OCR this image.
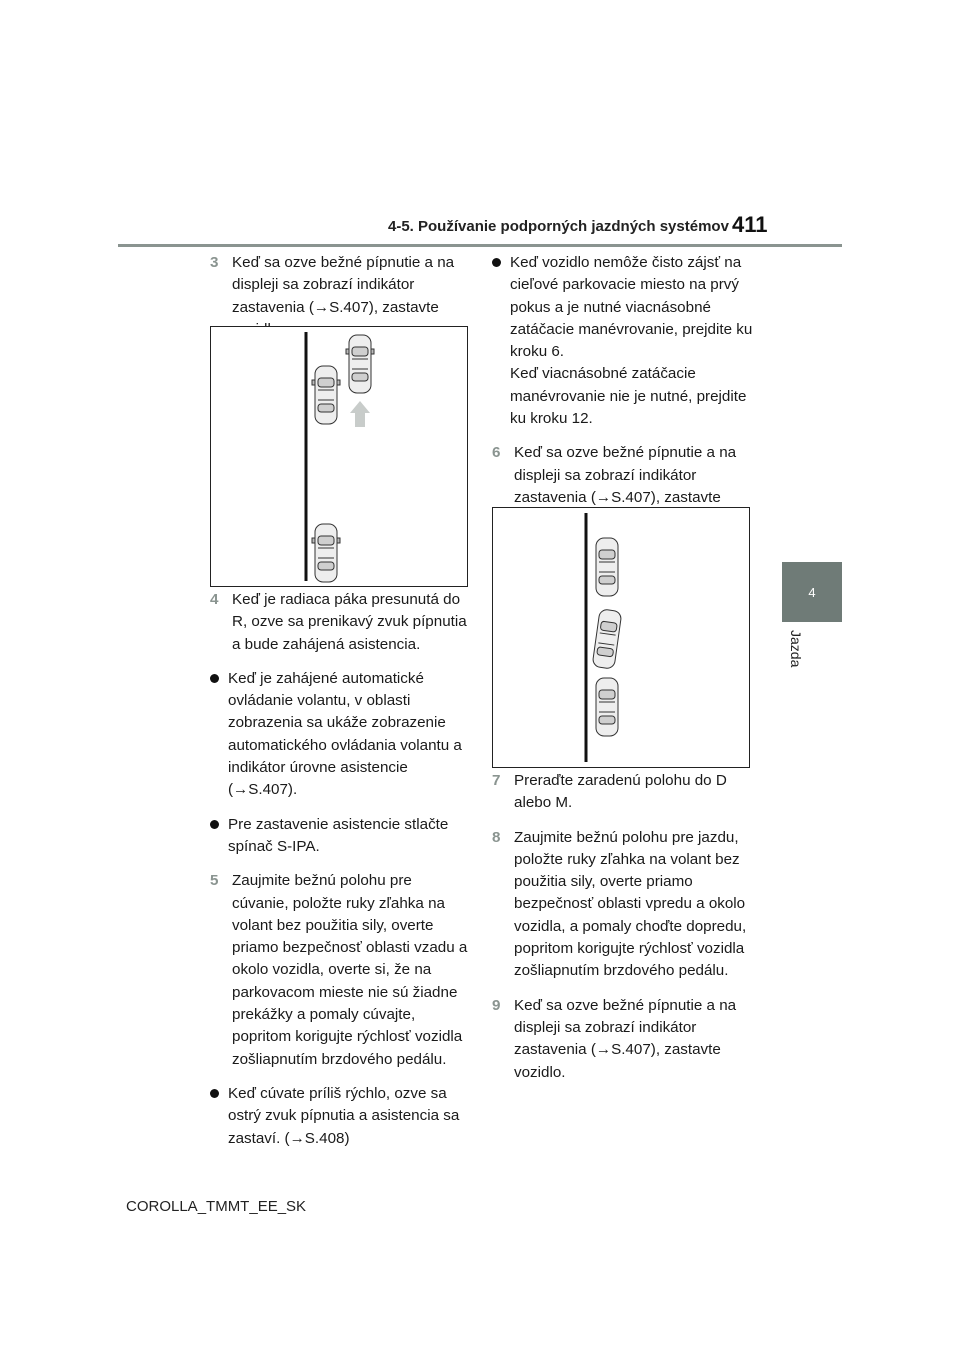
4-5. Používanie podporných jazdných systémov 411
4
Jazda
3 Keď sa ozve bežné pípnutie a na displeji sa zobrazí indikátor zastavenia (→S.407), zastavte vozidlo.
4 Keď je radiaca páka presunutá do R, ozve sa prenikavý zvuk pípnutia a bude zahájená asistencia.
Keď je zahájené automatické ovládanie volantu, v oblasti zobrazenia sa ukáže zobrazenie automatického ovládania volantu a indikátor úrovne asistencie (→S.407).
Pre zastavenie asistencie stlačte spínač S-IPA.
5 Zaujmite bežnú polohu pre cúvanie, položte ruky zľahka na volant bez použitia sily, overte priamo bezpečnosť oblasti vzadu a okolo vozidla, overte si, že na parkovacom mieste nie sú žiadne prekážky a pomaly cúvajte, popritom korigujte rýchlosť vozidla zošliapnutím brzdového pedálu.
Keď cúvate príliš rýchlo, ozve sa ostrý zvuk pípnutia a asistencia sa zastaví. (→S.408)
Keď vozidlo nemôže čisto zájsť na cieľové parkovacie miesto na prvý pokus a je nutné viacnásobné zatáčacie manévrovanie, prejdite ku kroku 6.
Keď viacnásobné zatáčacie manévrovanie nie je nutné, prejdite ku kroku 12.
6 Keď sa ozve bežné pípnutie a na displeji sa zobrazí indikátor zastavenia (→S.407), zastavte vozidlo.
7 Preraďte zaradenú polohu do D alebo M.
8 Zaujmite bežnú polohu pre jazdu, položte ruky zľahka na volant bez použitia sily, overte priamo bezpečnosť oblasti vpredu a okolo vozidla, a pomaly choďte dopredu, popritom korigujte rýchlosť vozidla zošliapnutím brzdového pedálu.
9 Keď sa ozve bežné pípnutie a na displeji sa zobrazí indikátor zastavenia (→S.407), zastavte vozidlo.
COROLLA_TMMT_EE_SK
